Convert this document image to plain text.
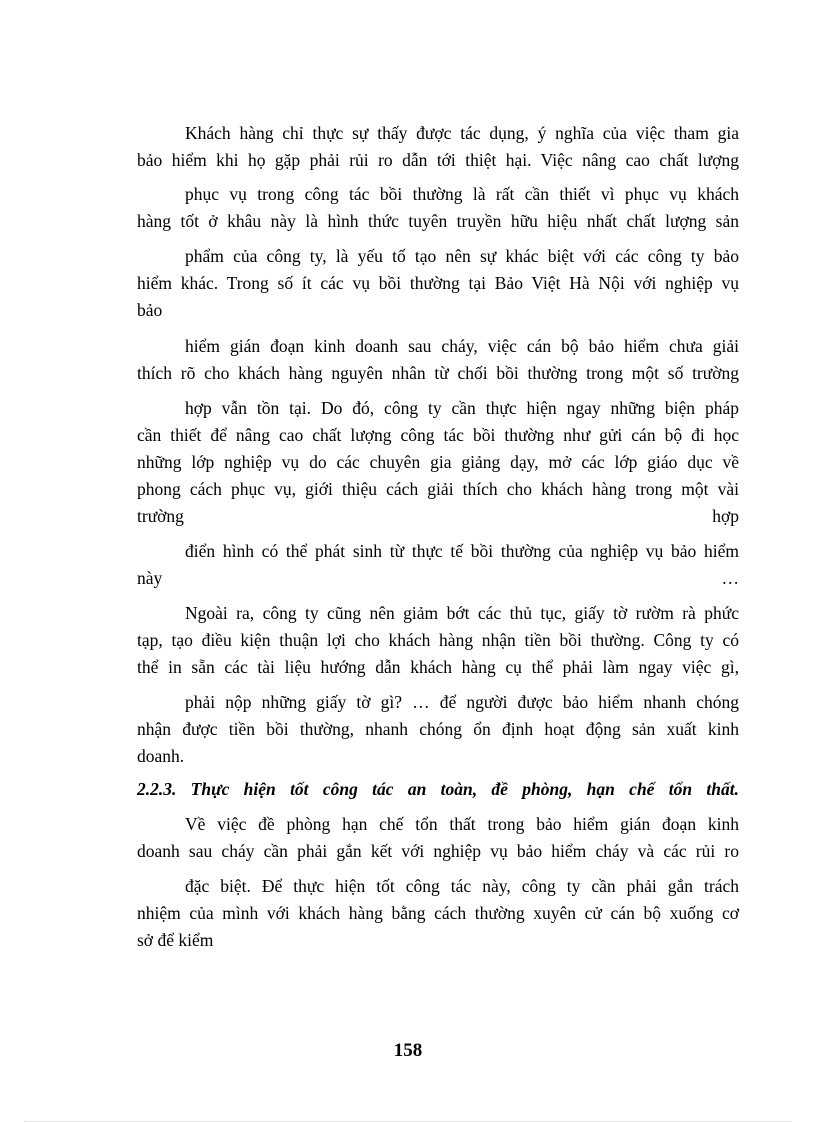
Khách hàng chỉ thực sự thấy được tác dụng, ý nghĩa của việc tham gia
bảo hiểm khi họ gặp phải rủi ro dẫn tới thiệt hại. Việc nâng cao chất lượng
phục vụ trong công tác bồi thường là rất cần thiết vì phục vụ khách
hàng tốt ở khâu này là hình thức tuyên truyền hữu hiệu nhất chất lượng sản
phẩm của công ty, là yếu tố tạo nên sự khác biệt với các công ty bảo
hiểm khác. Trong số ít các vụ bồi thường tại Bảo Việt Hà Nội với nghiệp vụ
bảo
hiểm gián đoạn kinh doanh sau cháy, việc cán bộ bảo hiểm chưa giải
thích rõ cho khách hàng nguyên nhân từ chối bồi thường trong một số trường
hợp vẫn tồn tại. Do đó, công ty cần thực hiện ngay những biện pháp
cần thiết để nâng cao chất lượng công tác bồi thường như gửi cán bộ đi học
những lớp nghiệp vụ do các chuyên gia giảng dạy, mở các lớp giáo dục về
phong cách phục vụ, giới thiệu cách giải thích cho khách hàng trong một vài
trường                                                                        hợp
điển hình có thể phát sinh từ thực tế bồi thường của nghiệp vụ bảo hiểm
này                                                                                …
Ngoài ra, công ty cũng nên giảm bớt các thủ tục, giấy tờ rườm rà phức
tạp, tạo điều kiện thuận lợi cho khách hàng nhận tiền bồi thường. Công ty có
thể in sẵn các tài liệu hướng dẫn khách hàng cụ thể phải làm ngay việc gì,
phải nộp những giấy tờ gì? … để người được bảo hiểm nhanh chóng
nhận được tiền bồi thường, nhanh chóng ổn định hoạt động sản xuất kinh
doanh.
2.2.3. Thực hiện tốt công tác an toàn, đề phòng, hạn chế tổn thất.
Về việc đề phòng hạn chế tổn thất trong bảo hiểm gián đoạn kinh
doanh sau cháy cần phải gắn kết với nghiệp vụ bảo hiểm cháy và các rủi ro
đặc biệt. Để thực hiện tốt công tác này, công ty cần phải gắn trách
nhiệm của mình với khách hàng bằng cách thường xuyên cử cán bộ xuống cơ
sở để kiểm
158
